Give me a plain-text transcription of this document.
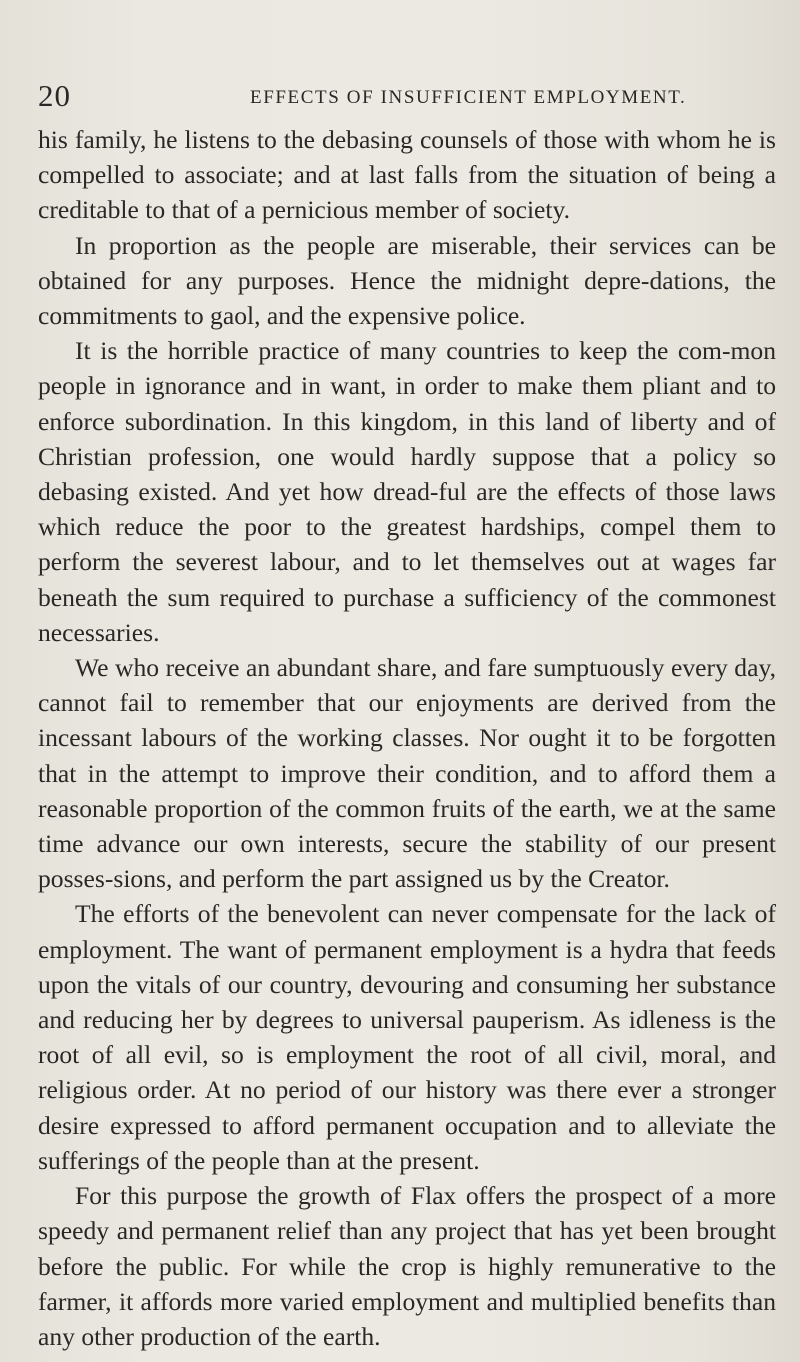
20	EFFECTS OF INSUFFICIENT EMPLOYMENT.

his family, he listens to the debasing counsels of those with whom he is compelled to associate; and at last falls from the situation of being a creditable to that of a pernicious member of society.

In proportion as the people are miserable, their services can be obtained for any purposes. Hence the midnight depre-dations, the commitments to gaol, and the expensive police.

It is the horrible practice of many countries to keep the com-mon people in ignorance and in want, in order to make them pliant and to enforce subordination. In this kingdom, in this land of liberty and of Christian profession, one would hardly suppose that a policy so debasing existed. And yet how dread-ful are the effects of those laws which reduce the poor to the greatest hardships, compel them to perform the severest labour, and to let themselves out at wages far beneath the sum required to purchase a sufficiency of the commonest necessaries.

We who receive an abundant share, and fare sumptuously every day, cannot fail to remember that our enjoyments are derived from the incessant labours of the working classes. Nor ought it to be forgotten that in the attempt to improve their condition, and to afford them a reasonable proportion of the common fruits of the earth, we at the same time advance our own interests, secure the stability of our present posses-sions, and perform the part assigned us by the Creator.

The efforts of the benevolent can never compensate for the lack of employment. The want of permanent employment is a hydra that feeds upon the vitals of our country, devouring and consuming her substance and reducing her by degrees to universal pauperism. As idleness is the root of all evil, so is employment the root of all civil, moral, and religious order. At no period of our history was there ever a stronger desire expressed to afford permanent occupation and to alleviate the sufferings of the people than at the present.

For this purpose the growth of Flax offers the prospect of a more speedy and permanent relief than any project that has yet been brought before the public. For while the crop is highly remunerative to the farmer, it affords more varied employment and multiplied benefits than any other production of the earth.
